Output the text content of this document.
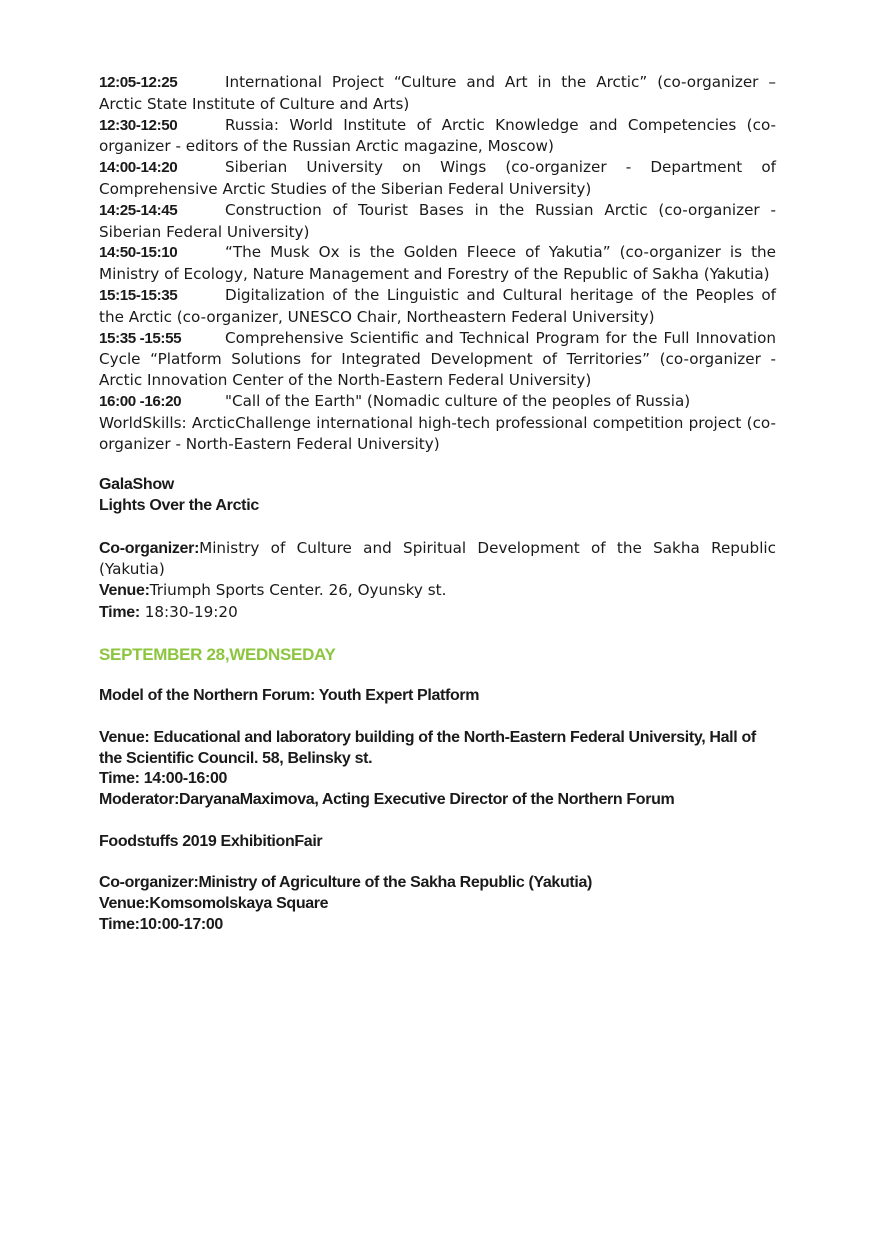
12:05-12:25	International Project “Culture and Art in the Arctic” (co-organizer – Arctic State Institute of Culture and Arts)
12:30-12:50	Russia: World Institute of Arctic Knowledge and Competencies (co-organizer - editors of the Russian Arctic magazine, Moscow)
14:00-14:20	Siberian University on Wings (co-organizer - Department of Comprehensive Arctic Studies of the Siberian Federal University)
14:25-14:45	Construction of Tourist Bases in the Russian Arctic (co-organizer - Siberian Federal University)
14:50-15:10	“The Musk Ox is the Golden Fleece of Yakutia” (co-organizer is the Ministry of Ecology, Nature Management and Forestry of the Republic of Sakha (Yakutia)
15:15-15:35	Digitalization of the Linguistic and Cultural heritage of the Peoples of the Arctic (co-organizer, UNESCO Chair, Northeastern Federal University)
15:35 -15:55	Comprehensive Scientific and Technical Program for the Full Innovation Cycle “Platform Solutions for Integrated Development of Territories” (co-organizer - Arctic Innovation Center of the North-Eastern Federal University)
16:00 -16:20	"Call of the Earth" (Nomadic culture of the peoples of Russia)
WorldSkills: ArcticChallenge international high-tech professional competition project (co-organizer - North-Eastern Federal University)
GalaShow
Lights Over the Arctic
Co-organizer:Ministry of Culture and Spiritual Development of the Sakha Republic (Yakutia)
Venue:Triumph Sports Center. 26, Oyunsky st.
Time: 18:30-19:20
SEPTEMBER 28,WEDNSEDAY
Model of the Northern Forum: Youth Expert Platform
Venue: Educational and laboratory building of the North-Eastern Federal University, Hall of the Scientific Council. 58, Belinsky st.
Time: 14:00-16:00
Moderator:DaryanaMaximova, Acting Executive Director of the Northern Forum
Foodstuffs 2019 ExhibitionFair
Co-organizer:Ministry of Agriculture of the Sakha Republic (Yakutia)
Venue:Komsomolskaya Square
Time:10:00-17:00
